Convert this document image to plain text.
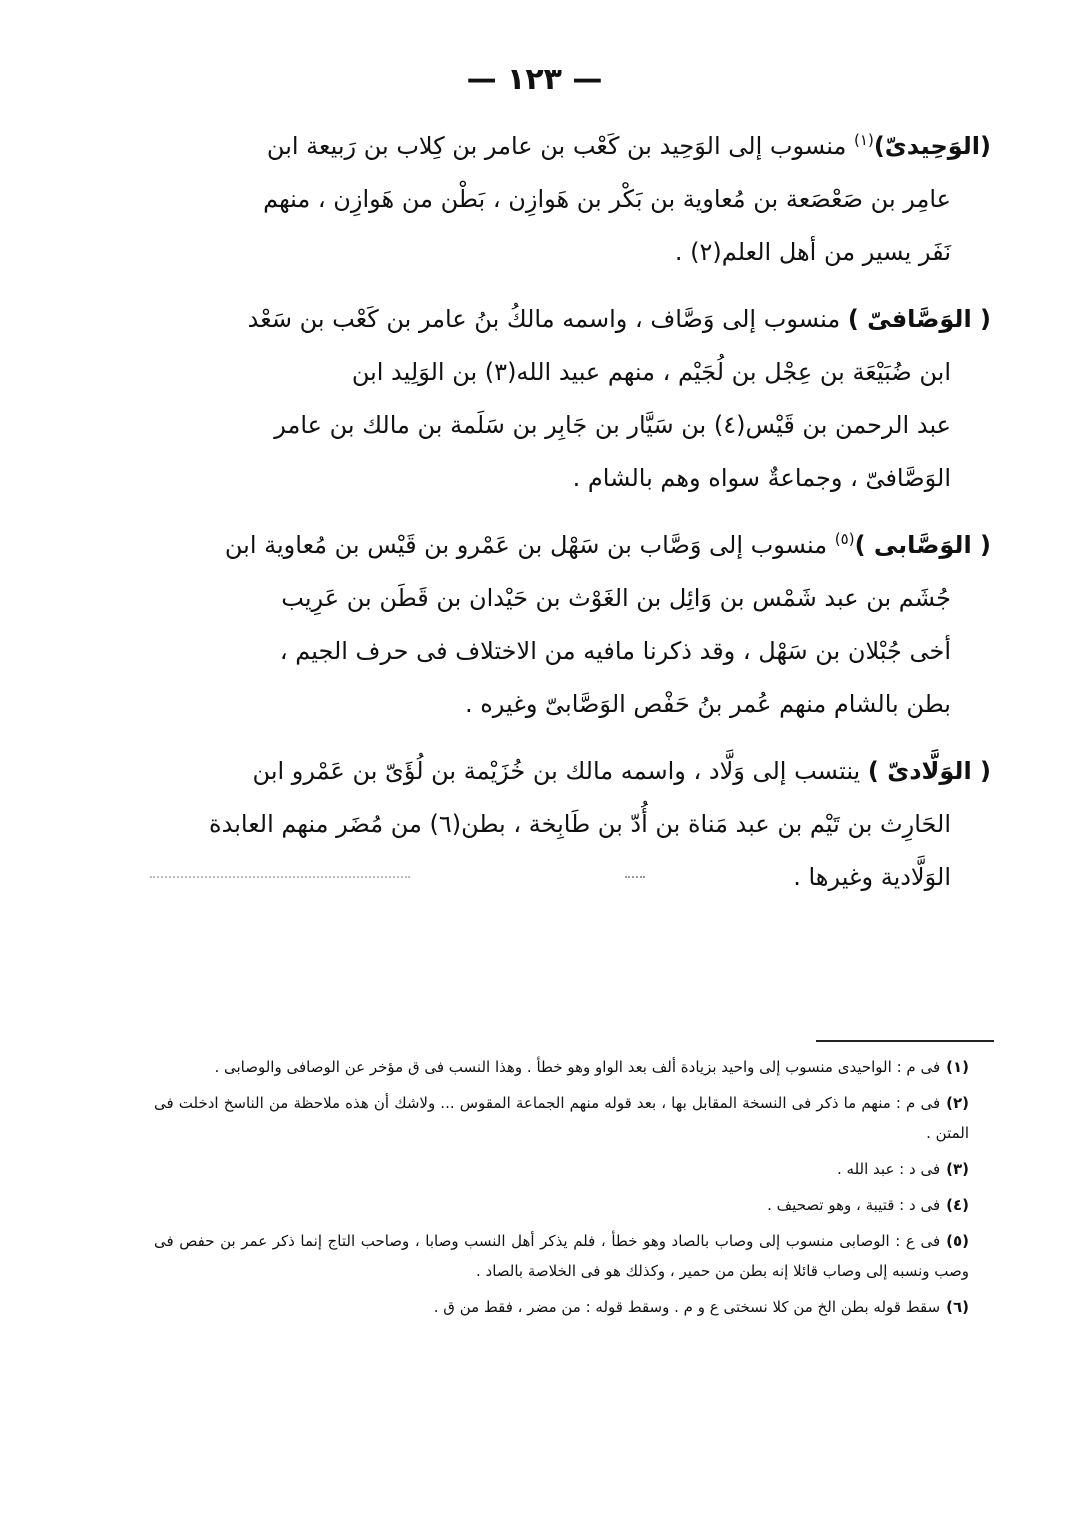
— ١٢٣ —

(الوَحِيدىّ)$^{(١)}$ منسوب إلى الوَحِيد بن كَعْب بن عامر بن كِلاب بن رَبيعة ابن

عامِر بن صَعْصَعة بن مُعاوية بن بَكْر بن هَوازِن ، بَطْن من هَوازِن ، منهم

نَفَر يسير من أهل العلم(٢) .

( الوَصَّافىّ ) منسوب إلى وَصَّاف ، واسمه مالكُ بنُ عامر بن كَعْب بن سَعْد

ابن ضُبَيْعَة بن عِجْل بن لُجَيْم ، منهم عبيد الله(٣) بن الوَلِيد ابن

عبد الرحمن بن قَيْس(٤) بن سَيَّار بن جَابِر بن سَلَمة بن مالك بن عامر

الوَصَّافىّ ، وجماعةٌ سواه وهم بالشام .

( الوَصَّابى )$^{(٥)}$ منسوب إلى وَصَّاب بن سَهْل بن عَمْرو بن قَيْس بن مُعاوية ابن

جُشَم بن عبد شَمْس بن وَائِل بن الغَوْث بن حَيْدان بن قَطَن بن عَرِيب

أخى جُبْلان بن سَهْل ، وقد ذكرنا مافيه من الاختلاف فى حرف الجيم ،

بطن بالشام منهم عُمر بنُ حَفْص الوَصَّابىّ وغيره .

( الوَلَّادىّ ) ينتسب إلى وَلَّاد ، واسمه مالك بن خُزَيْمة بن لُؤَىّ بن عَمْرو ابن

الحَارِث بن تَيْم بن عبد مَناة بن أُدّ بن طَابِخة ، بطن(٦) من مُضَر منهم العابدة

الوَلَّادية وغيرها .

(١)فى م : الواحيدى منسوب إلى واحيد بزيادة ألف بعد الواو وهو خطأ . وهذا النسب فى ق مؤخر عن الوصافى والوصابى .

(٢)فى م : منهم ما ذكر فى النسخة المقابل بها ، بعد قوله منهم الجماعة المقوس ... ولاشك أن هذه ملاحظة من الناسخ ادخلت فى المتن .

(٣)فى د : عبد الله .

(٤)فى د : قتيبة ، وهو تصحيف .

(٥)فى ع : الوصابى منسوب إلى وصاب بالصاد وهو خطأ ، فلم يذكر أهل النسب وصابا ، وصاحب التاج إنما ذكر عمر بن حفص فى وصب ونسبه إلى وصاب قائلا إنه بطن من حمير ، وكذلك هو فى الخلاصة بالصاد .

(٦)سقط قوله بطن الخ من كلا نسختى ع و م . وسقط قوله : من مضر ، فقط من ق .
